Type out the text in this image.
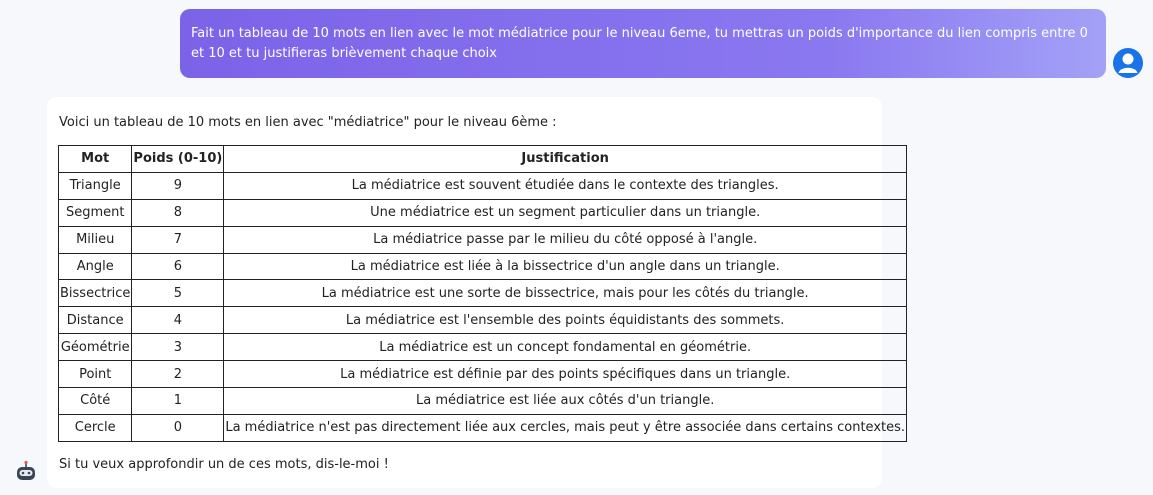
Fait un tableau de 10 mots en lien avec le mot médiatrice pour le niveau 6eme, tu mettras un poids d'importance du lien compris entre 0 et 10 et tu justifieras brièvement chaque choix

Voici un tableau de 10 mots en lien avec "médiatrice" pour le niveau 6ème :

Mot	Poids (0-10)	Justification
Triangle	9	La médiatrice est souvent étudiée dans le contexte des triangles.
Segment	8	Une médiatrice est un segment particulier dans un triangle.
Milieu	7	La médiatrice passe par le milieu du côté opposé à l'angle.
Angle	6	La médiatrice est liée à la bissectrice d'un angle dans un triangle.
Bissectrice	5	La médiatrice est une sorte de bissectrice, mais pour les côtés du triangle.
Distance	4	La médiatrice est l'ensemble des points équidistants des sommets.
Géométrie	3	La médiatrice est un concept fondamental en géométrie.
Point	2	La médiatrice est définie par des points spécifiques dans un triangle.
Côté	1	La médiatrice est liée aux côtés d'un triangle.
Cercle	0	La médiatrice n'est pas directement liée aux cercles, mais peut y être associée dans certains contextes.

Si tu veux approfondir un de ces mots, dis-le-moi !
